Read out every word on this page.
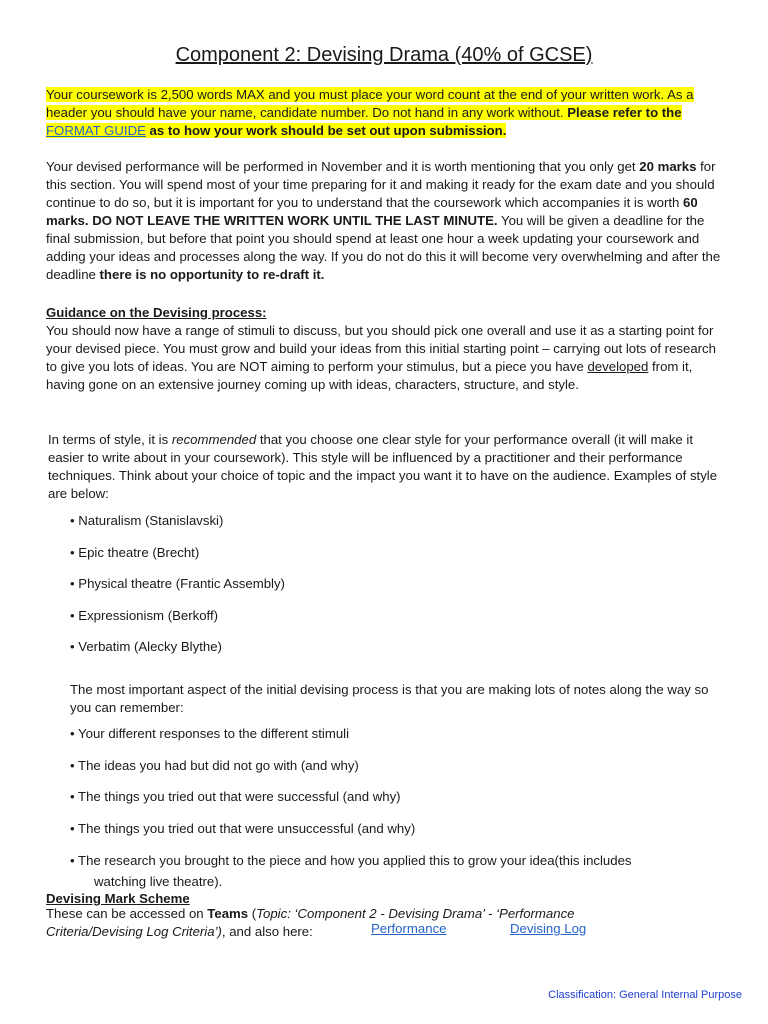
Component 2: Devising Drama (40% of GCSE)
Your coursework is 2,500 words MAX and you must place your word count at the end of your written work. As a header you should have your name, candidate number. Do not hand in any work without. Please refer to the FORMAT GUIDE as to how your work should be set out upon submission.
Your devised performance will be performed in November and it is worth mentioning that you only get 20 marks for this section. You will spend most of your time preparing for it and making it ready for the exam date and you should continue to do so, but it is important for you to understand that the coursework which accompanies it is worth 60 marks. DO NOT LEAVE THE WRITTEN WORK UNTIL THE LAST MINUTE. You will be given a deadline for the final submission, but before that point you should spend at least one hour a week updating your coursework and adding your ideas and processes along the way. If you do not do this it will become very overwhelming and after the deadline there is no opportunity to re-draft it.
Guidance on the Devising process:
You should now have a range of stimuli to discuss, but you should pick one overall and use it as a starting point for your devised piece. You must grow and build your ideas from this initial starting point – carrying out lots of research to give you lots of ideas. You are NOT aiming to perform your stimulus, but a piece you have developed from it, having gone on an extensive journey coming up with ideas, characters, structure, and style.
In terms of style, it is recommended that you choose one clear style for your performance overall (it will make it easier to write about in your coursework). This style will be influenced by a practitioner and their performance techniques. Think about your choice of topic and the impact you want it to have on the audience. Examples of style are below:
• Naturalism (Stanislavski)
• Epic theatre (Brecht)
• Physical theatre (Frantic Assembly)
• Expressionism (Berkoff)
• Verbatim (Alecky Blythe)
The most important aspect of the initial devising process is that you are making lots of notes along the way so you can remember:
• Your different responses to the different stimuli
• The ideas you had but did not go with (and why)
• The things you tried out that were successful (and why)
• The things you tried out that were unsuccessful (and why)
• The research you brought to the piece and how you applied this to grow your idea(this includes
watching live theatre).
Devising Mark Scheme
These can be accessed on Teams (Topic: ‘Component 2 - Devising Drama’ - ‘Performance Criteria/Devising Log Criteria’), and also here:	Performance	Devising Log
Classification: General Internal Purpose
